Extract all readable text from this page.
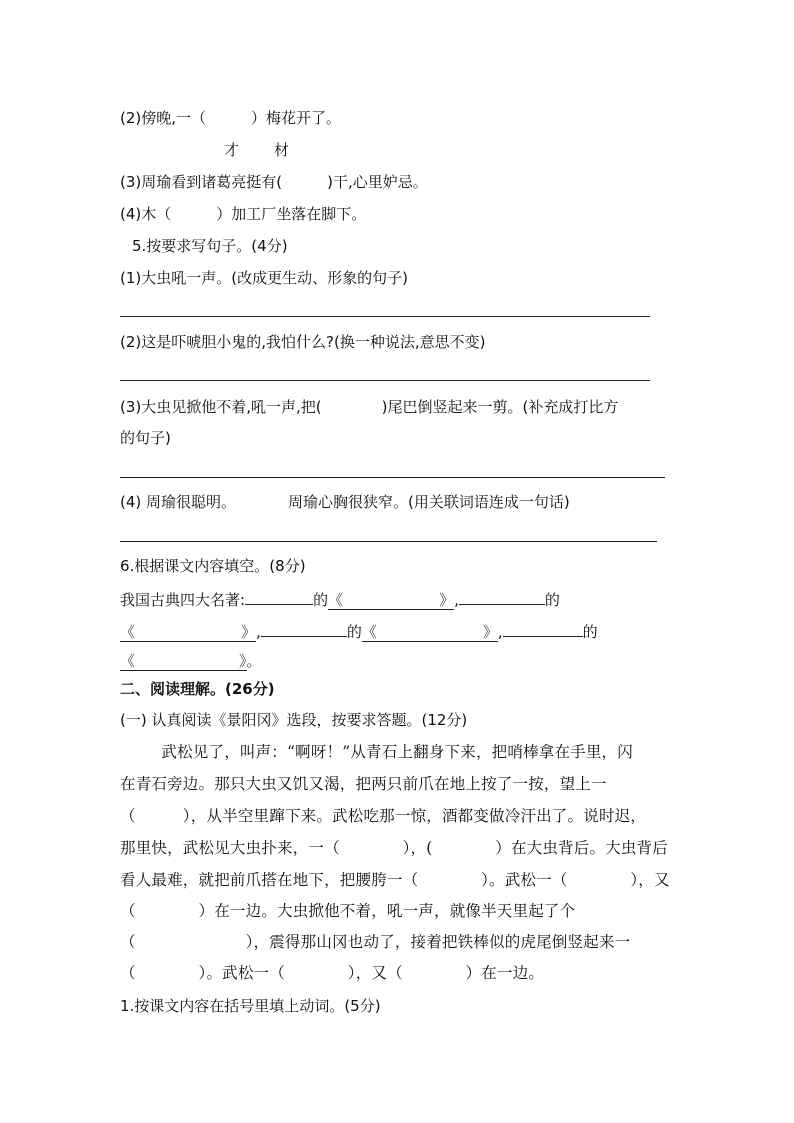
(2)傍晚,一（　　　）梅花开了。
才 材
(3)周瑜看到诸葛亮挺有(　　　)干,心里妒忌。
(4)木（　　　）加工厂坐落在脚下。
5.按要求写句子。(4分)
(1)大虫吼一声。(改成更生动、形象的句子)
(2)这是吓唬胆小鬼的,我怕什么?(换一种说法,意思不变)
(3)大虫见掀他不着,吼一声,把(　　　　)尾巴倒竖起来一剪。(补充成打比方
的句子)
(4) 周瑜很聪明。	周瑜心胸很狭窄。(用关联词语连成一句话)
6.根据课文内容填空。(8分)
我国古典四大名著:	的《	》,	的
《	》,	的《	》,	的
《	》。
二、阅读理解。(26分)
(一) 认真阅读《景阳冈》选段，按要求答题。(12分)
　　武松见了，叫声：“啊呀！”从青石上翻身下来，把哨棒拿在手里，闪
在青石旁边。那只大虫又饥又渴，把两只前爪在地上按了一按，望上一
（　　　），从半空里蹿下来。武松吃那一惊，酒都变做冷汗出了。说时迟，
那里快，武松见大虫扑来，一（　　　　），(　　　　）在大虫背后。大虫背后
看人最难，就把前爪搭在地下，把腰胯一（　　　　）。武松一（　　　　），又
（　　　　）在一边。大虫掀他不着，吼一声，就像半天里起了个
（　　　　　　　），震得那山冈也动了，接着把铁棒似的虎尾倒竖起来一
（　　　　）。武松一（　　　　），又（　　　　）在一边。
1.按课文内容在括号里填上动词。(5分)
